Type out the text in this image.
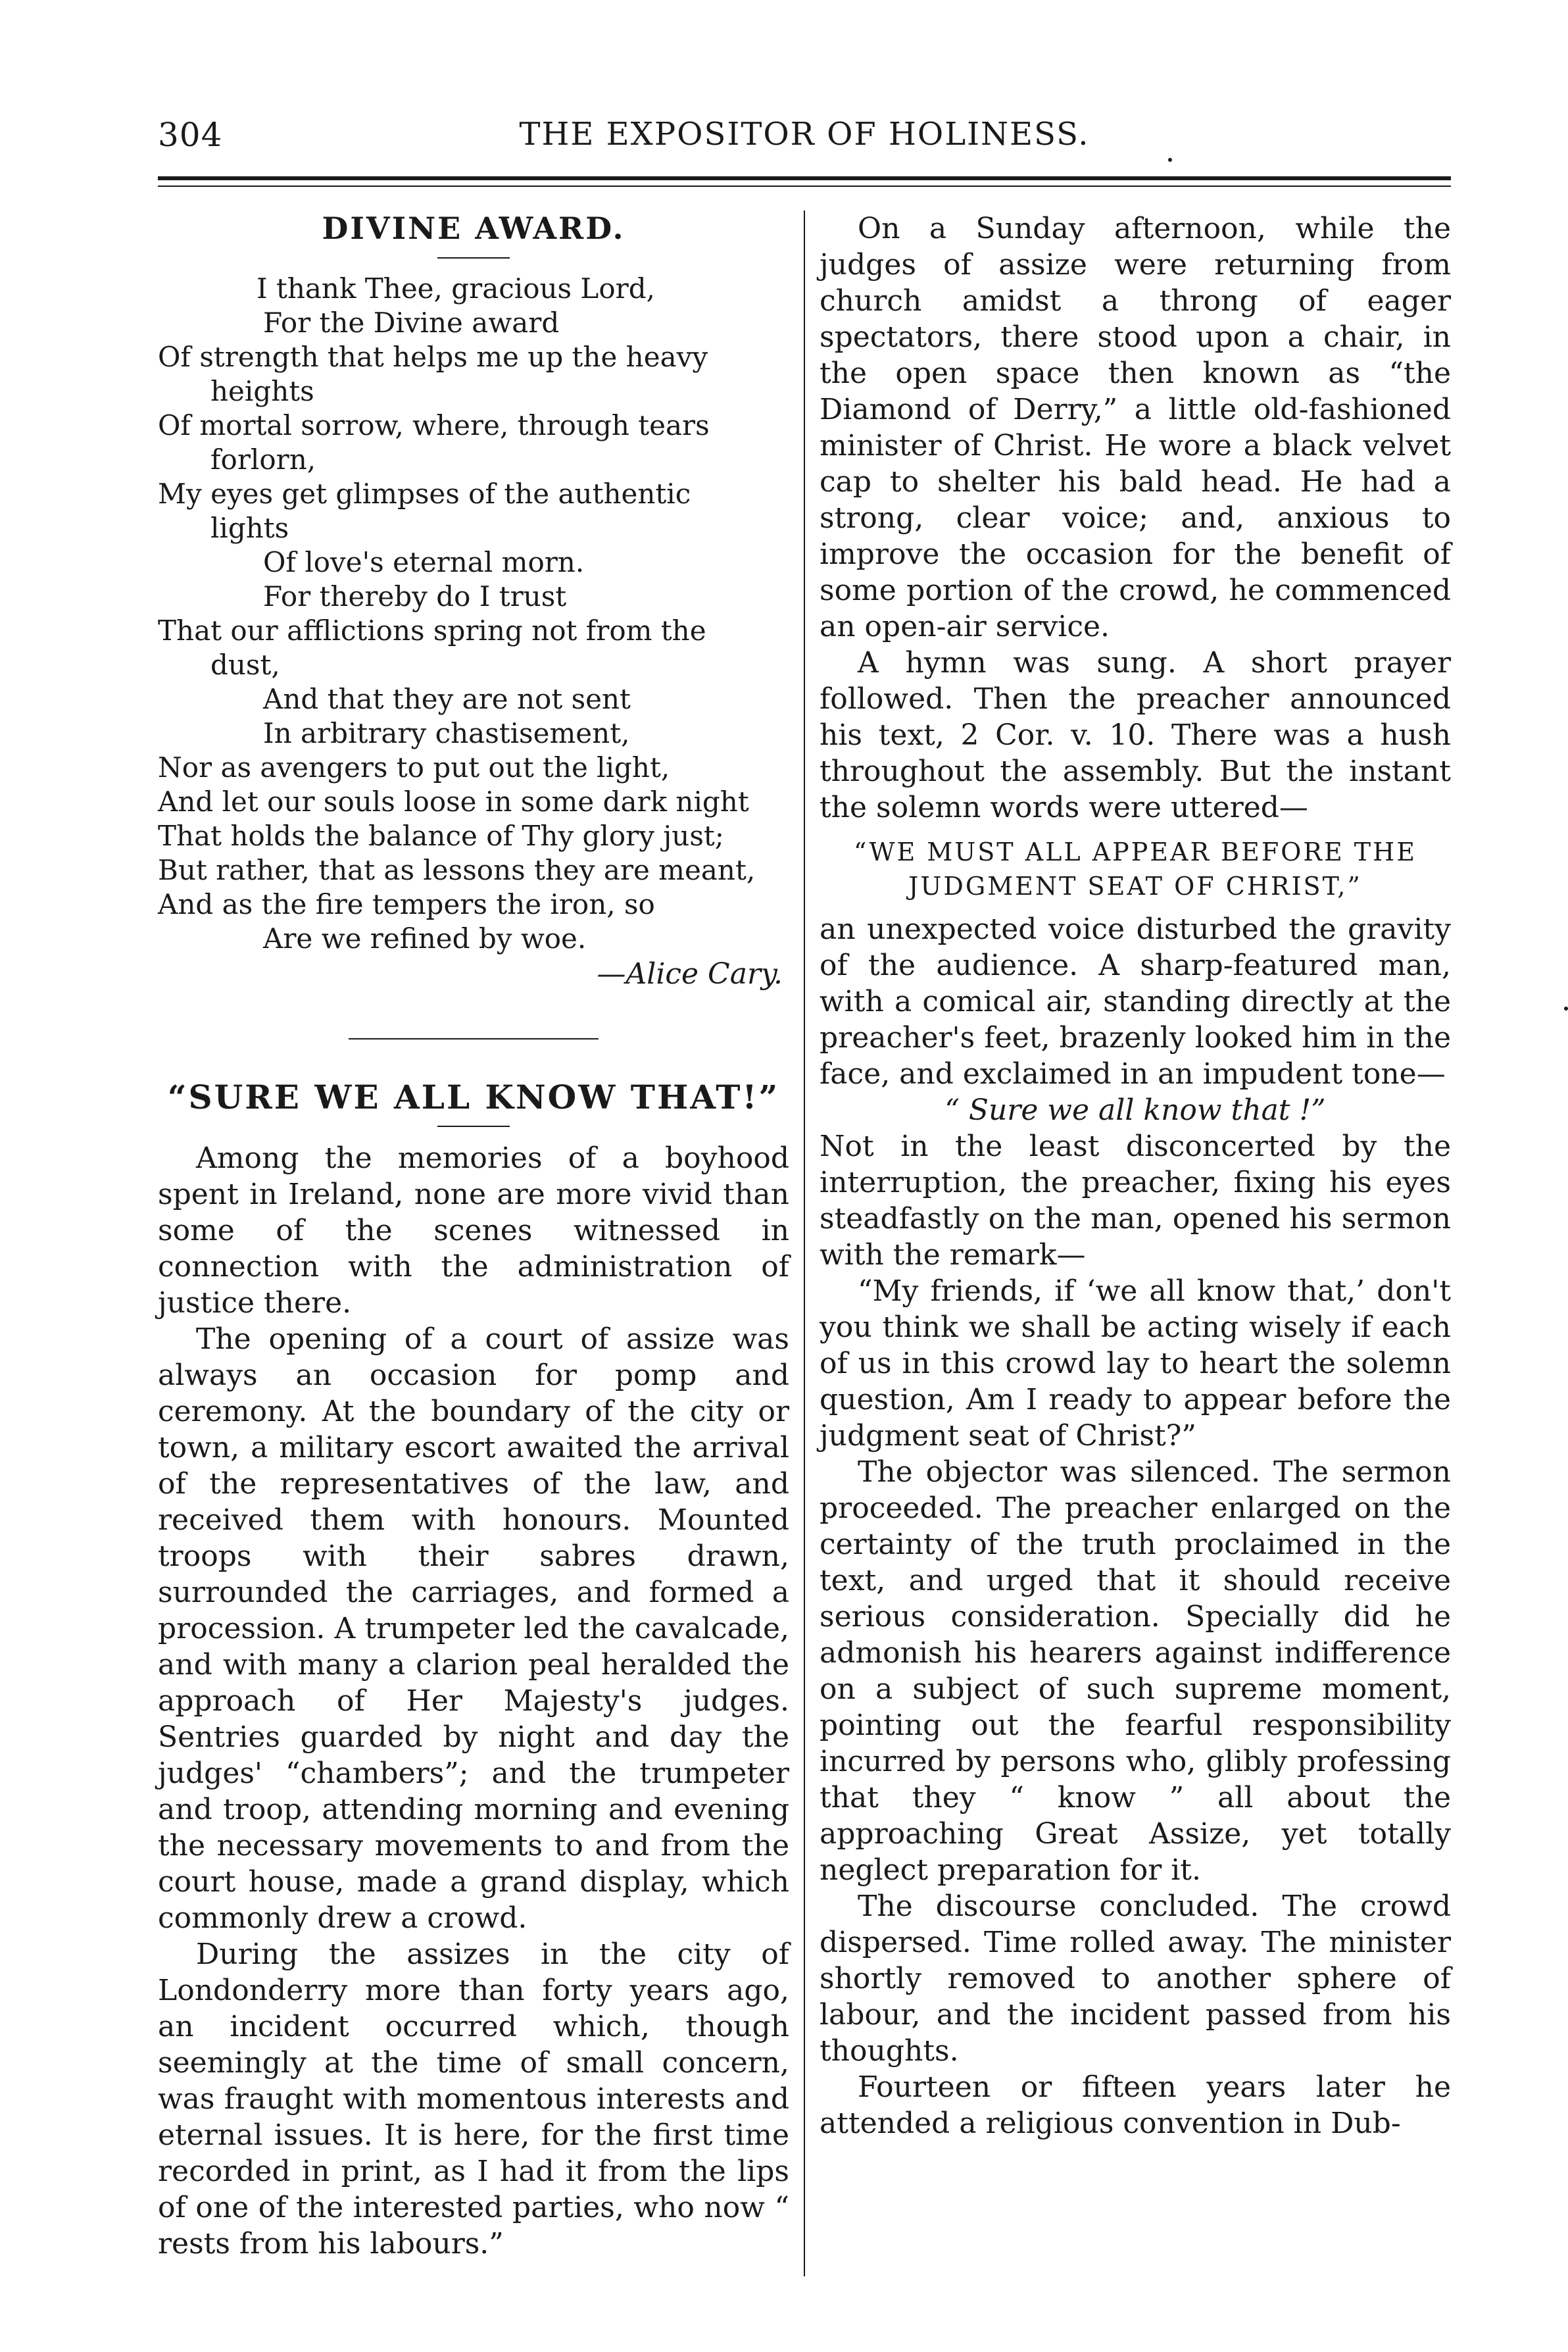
304	THE EXPOSITOR OF HOLINESS.
DIVINE AWARD.
I thank Thee, gracious Lord,
For the Divine award
Of strength that helps me up the heavy
heights
Of mortal sorrow, where, through tears
forlorn,
My eyes get glimpses of the authentic
lights
Of love's eternal morn.
For thereby do I trust
That our afflictions spring not from the
dust,
And that they are not sent
In arbitrary chastisement,
Nor as avengers to put out the light,
And let our souls loose in some dark night
That holds the balance of Thy glory just;
But rather, that as lessons they are meant,
And as the fire tempers the iron, so
Are we refined by woe.
—Alice Cary.
“SURE WE ALL KNOW THAT!”

Among the memories of a boyhood spent in Ireland, none are more vivid than some of the scenes witnessed in connection with the administration of justice there.

The opening of a court of assize was always an occasion for pomp and ceremony. At the boundary of the city or town, a military escort awaited the arrival of the representatives of the law, and received them with honours. Mounted troops with their sabres drawn, surrounded the carriages, and formed a procession. A trumpeter led the cavalcade, and with many a clarion peal heralded the approach of Her Majesty's judges. Sentries guarded by night and day the judges' “chambers”; and the trumpeter and troop, attending morning and evening the necessary movements to and from the court house, made a grand display, which commonly drew a crowd.

During the assizes in the city of Londonderry more than forty years ago, an incident occurred which, though seemingly at the time of small concern, was fraught with momentous interests and eternal issues. It is here, for the first time recorded in print, as I had it from the lips of one of the interested parties, who now “ rests from his labours.”

On a Sunday afternoon, while the judges of assize were returning from church amidst a throng of eager spectators, there stood upon a chair, in the open space then known as “the Diamond of Derry,” a little old-fashioned minister of Christ. He wore a black velvet cap to shelter his bald head. He had a strong, clear voice; and, anxious to improve the occasion for the benefit of some portion of the crowd, he commenced an open-air service.

A hymn was sung. A short prayer followed. Then the preacher announced his text, 2 Cor. v. 10. There was a hush throughout the assembly. But the instant the solemn words were uttered—

“WE MUST ALL APPEAR BEFORE THE
JUDGMENT SEAT OF CHRIST,”

an unexpected voice disturbed the gravity of the audience. A sharp-featured man, with a comical air, standing directly at the preacher's feet, brazenly looked him in the face, and exclaimed in an impudent tone—

“ Sure we all know that !”

Not in the least disconcerted by the interruption, the preacher, fixing his eyes steadfastly on the man, opened his sermon with the remark—

“My friends, if ‘we all know that,’ don't you think we shall be acting wisely if each of us in this crowd lay to heart the solemn question, Am I ready to appear before the judgment seat of Christ?”

The objector was silenced. The sermon proceeded. The preacher enlarged on the certainty of the truth proclaimed in the text, and urged that it should receive serious consideration. Specially did he admonish his hearers against indifference on a subject of such supreme moment, pointing out the fearful responsibility incurred by persons who, glibly professing that they “ know ” all about the approaching Great Assize, yet totally neglect preparation for it.

The discourse concluded. The crowd dispersed. Time rolled away. The minister shortly removed to another sphere of labour, and the incident passed from his thoughts.

Fourteen or fifteen years later he attended a religious convention in Dub-
